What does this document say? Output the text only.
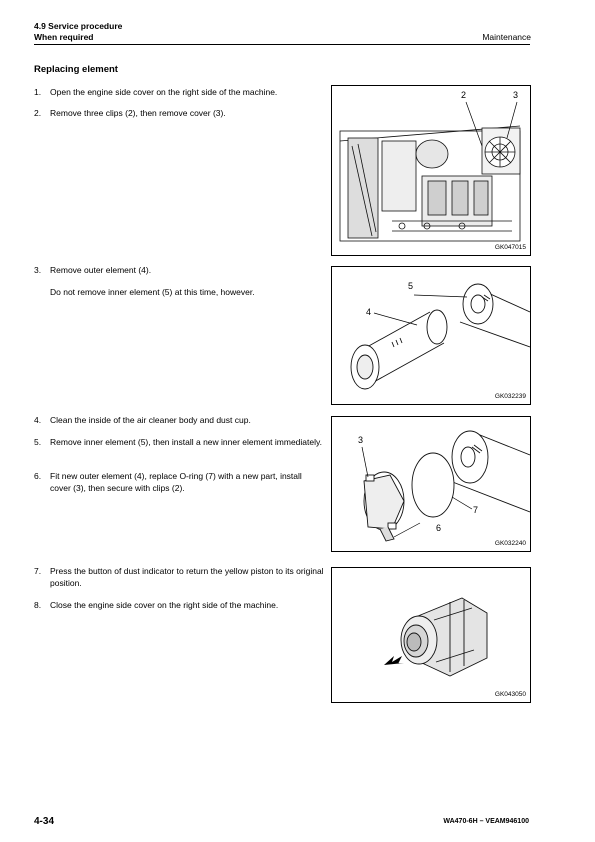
4.9 Service procedure
When required	Maintenance
Replacing element
1. Open the engine side cover on the right side of the machine.
2. Remove three clips (2), then remove cover (3).
3. Remove outer element (4).
Do not remove inner element (5) at this time, however.
4. Clean the inside of the air cleaner body and dust cup.
5. Remove inner element (5), then install a new inner element immediately.
6. Fit new outer element (4), replace O-ring (7) with a new part, install cover (3), then secure with clips (2).
7. Press the button of dust indicator to return the yellow piston to its original position.
8. Close the engine side cover on the right side of the machine.
2	3
GK047015
5
4
GK032239
3
7
6
GK032240
GK043050
4-34	WA470-6H – VEAM946100
